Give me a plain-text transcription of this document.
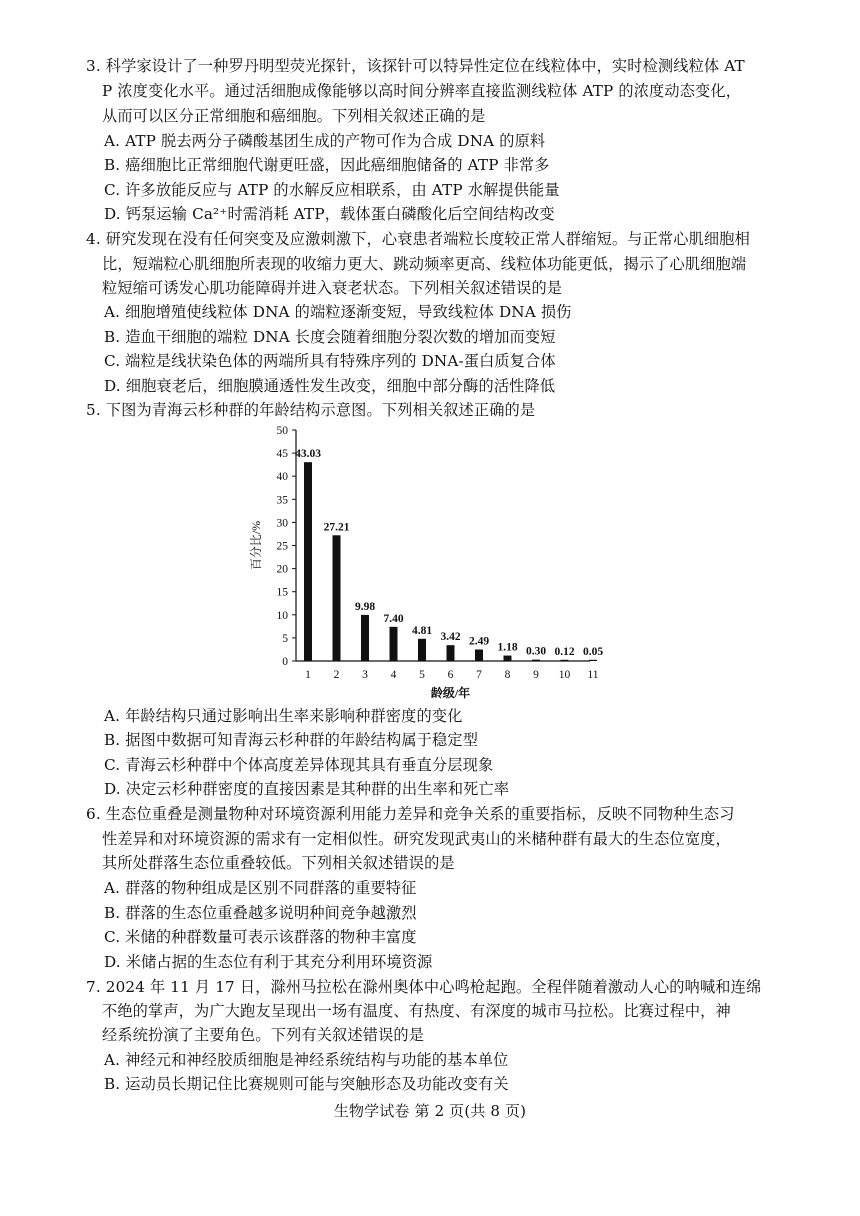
3. 科学家设计了一种罗丹明型荧光探针，该探针可以特异性定位在线粒体中，实时检测线粒体 AT
P 浓度变化水平。通过活细胞成像能够以高时间分辨率直接监测线粒体 ATP 的浓度动态变化，
从而可以区分正常细胞和癌细胞。下列相关叙述正确的是
A. ATP 脱去两分子磷酸基团生成的产物可作为合成 DNA 的原料
B. 癌细胞比正常细胞代谢更旺盛，因此癌细胞储备的 ATP 非常多
C. 许多放能反应与 ATP 的水解反应相联系，由 ATP 水解提供能量
D. 钙泵运输 Ca²⁺时需消耗 ATP，载体蛋白磷酸化后空间结构改变
4. 研究发现在没有任何突变及应激刺激下，心衰患者端粒长度较正常人群缩短。与正常心肌细胞相
比，短端粒心肌细胞所表现的收缩力更大、跳动频率更高、线粒体功能更低，揭示了心肌细胞端
粒短缩可诱发心肌功能障碍并进入衰老状态。下列相关叙述错误的是
A. 细胞增殖使线粒体 DNA 的端粒逐渐变短，导致线粒体 DNA 损伤
B. 造血干细胞的端粒 DNA 长度会随着细胞分裂次数的增加而变短
C. 端粒是线状染色体的两端所具有特殊序列的 DNA-蛋白质复合体
D. 细胞衰老后，细胞膜通透性发生改变，细胞中部分酶的活性降低
5. 下图为青海云杉种群的年龄结构示意图。下列相关叙述正确的是
0
5
10
15
20
25
30
35
40
45
50
百分比/%
43.03
1
27.21
2
9.98
3
7.40
4
4.81
5
3.42
6
2.49
7
1.18
8
0.30
9
0.12
10
0.05
11
龄级/年
A. 年龄结构只通过影响出生率来影响种群密度的变化
B. 据图中数据可知青海云杉种群的年龄结构属于稳定型
C. 青海云杉种群中个体高度差异体现其具有垂直分层现象
D. 决定云杉种群密度的直接因素是其种群的出生率和死亡率
6. 生态位重叠是测量物种对环境资源利用能力差异和竞争关系的重要指标，反映不同物种生态习
性差异和对环境资源的需求有一定相似性。研究发现武夷山的米槠种群有最大的生态位宽度，
其所处群落生态位重叠较低。下列相关叙述错误的是
A. 群落的物种组成是区别不同群落的重要特征
B. 群落的生态位重叠越多说明种间竞争越激烈
C. 米储的种群数量可表示该群落的物种丰富度
D. 米储占据的生态位有利于其充分利用环境资源
7. 2024 年 11 月 17 日，滁州马拉松在滁州奥体中心鸣枪起跑。全程伴随着激动人心的呐喊和连绵
不绝的掌声，为广大跑友呈现出一场有温度、有热度、有深度的城市马拉松。比赛过程中，神
经系统扮演了主要角色。下列有关叙述错误的是
A. 神经元和神经胶质细胞是神经系统结构与功能的基本单位
B. 运动员长期记住比赛规则可能与突触形态及功能改变有关
生物学试卷 第 2 页(共 8 页)
